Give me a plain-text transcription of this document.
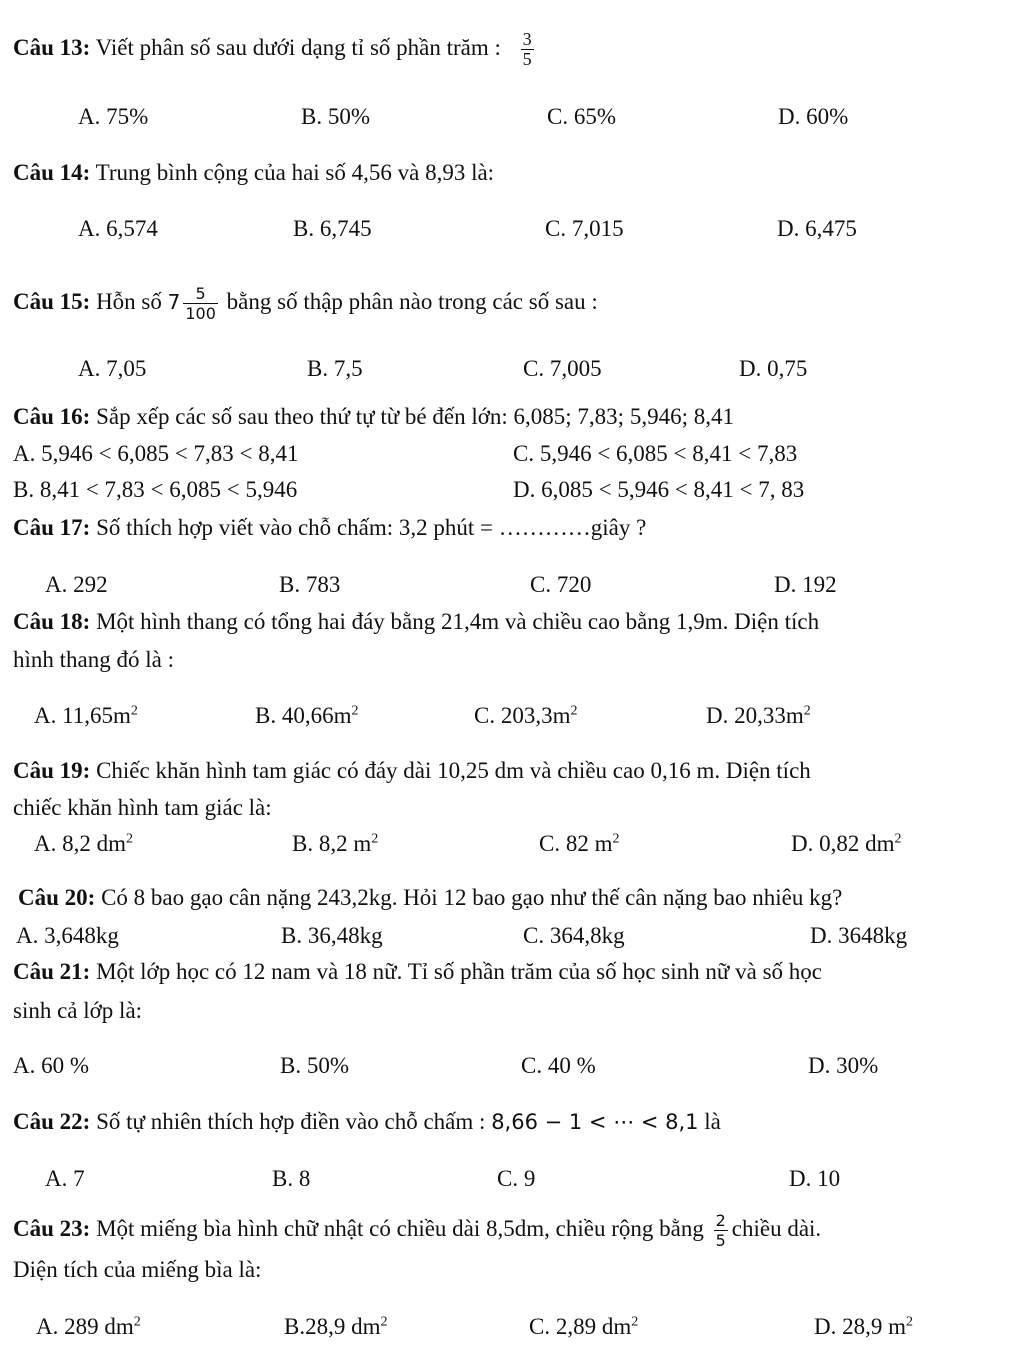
Câu 13: Viết phân số sau dưới dạng tỉ số phần trăm : $\frac{3}{5}$
A. 75%	B. 50%	C. 65%	D. 60%
Câu 14: Trung bình cộng của hai số 4,56 và 8,93 là:
A. 6,574	B. 6,745	C. 7,015	D. 6,475
Câu 15: Hỗn số $7 \frac{5}{100}$ bằng số thập phân nào trong các số sau :
A. 7,05	B. 7,5	C. 7,005	D. 0,75
Câu 16: Sắp xếp các số sau theo thứ tự từ bé đến lớn: 6,085; 7,83; 5,946; 8,41
A. 5,946 < 6,085 < 7,83 < 8,41	C. 5,946 < 6,085 < 8,41 < 7,83
B. 8,41 < 7,83 < 6,085 < 5,946	D. 6,085 < 5,946 < 8,41 < 7, 83
Câu 17: Số thích hợp viết vào chỗ chấm: 3,2 phút = …………giây ?
A. 292	B. 783	C. 720	D. 192
Câu 18: Một hình thang có tổng hai đáy bằng 21,4m và chiều cao bằng 1,9m. Diện tích
hình thang đó là :
A. $11,65m^2$	B. $40,66m^2$	C. $203,3m^2$	D. $20,33m^2$
Câu 19: Chiếc khăn hình tam giác có đáy dài 10,25 dm và chiều cao 0,16 m. Diện tích
chiếc khăn hình tam giác là:
A. 8,2 $dm^2$	B. 8,2 $m^2$	C. 82 $m^2$	D. 0,82 $dm^2$
Câu 20: Có 8 bao gạo cân nặng 243,2kg. Hỏi 12 bao gạo như thế cân nặng bao nhiêu kg?
A. 3,648kg	B. 36,48kg	C. 364,8kg	D. 3648kg
Câu 21: Một lớp học có 12 nam và 18 nữ. Tỉ số phần trăm của số học sinh nữ và số học
sinh cả lớp là:
A. 60 %	B. 50%	C. 40 %	D. 30%
Câu 22: Số tự nhiên thích hợp điền vào chỗ chấm : 8,66 − 1 < ⋯ < 8,1 là
A. 7	B. 8	C. 9	D. 10
Câu 23: Một miếng bìa hình chữ nhật có chiều dài 8,5dm, chiều rộng bằng $\frac{2}{5}$ chiều dài.
Diện tích của miếng bìa là:
A. 289 $dm^2$	B.28,9 $dm^2$	C. 2,89 $dm^2$	D. 28,9 $m^2$
